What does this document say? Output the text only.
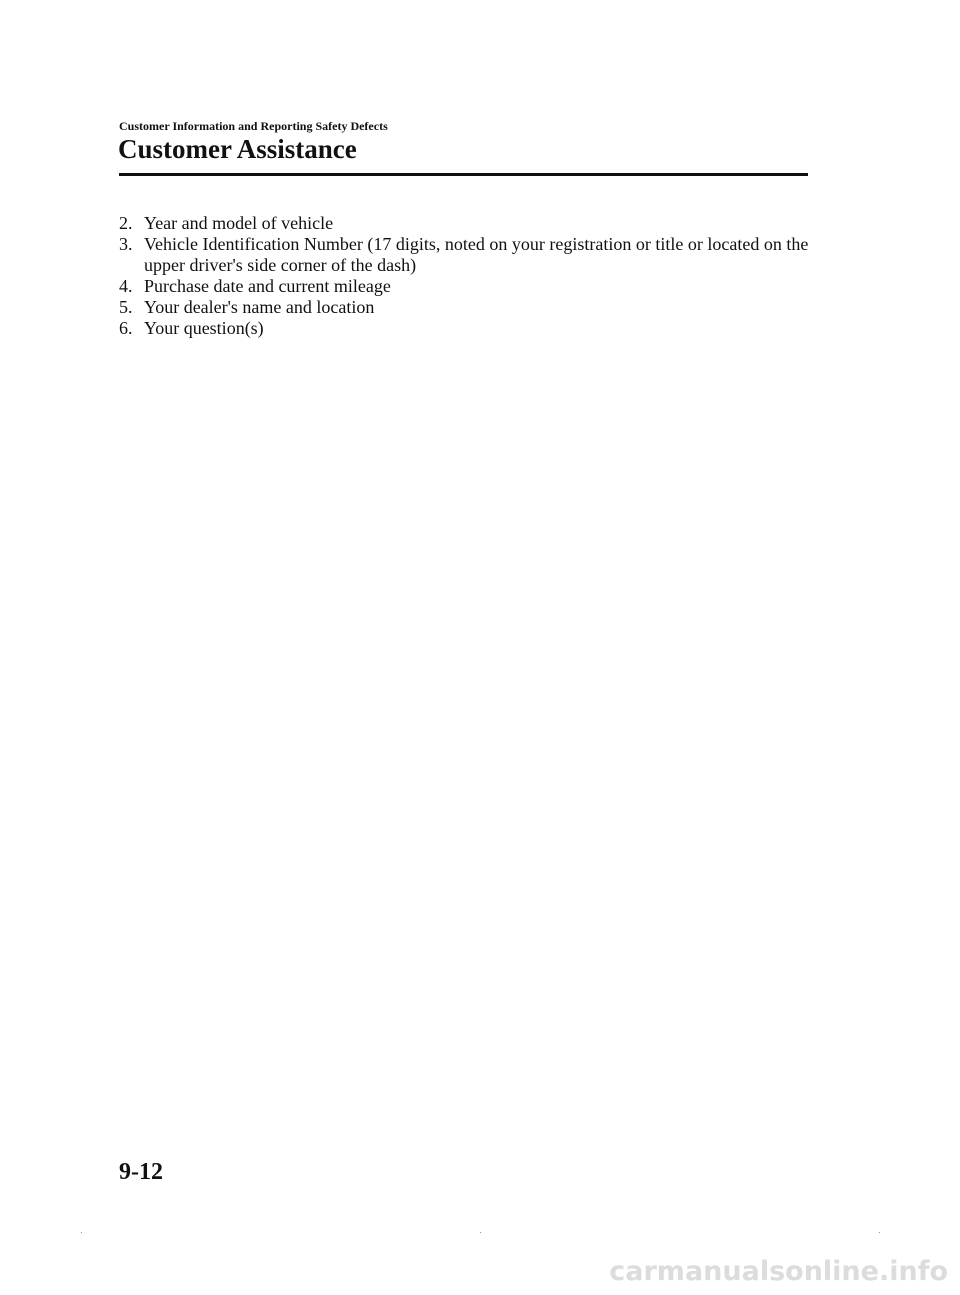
Customer Information and Reporting Safety Defects
Customer Assistance
2. Year and model of vehicle
3. Vehicle Identification Number (17 digits, noted on your registration or title or located on the upper driver's side corner of the dash)
4. Purchase date and current mileage
5. Your dealer's name and location
6. Your question(s)
9-12
carmanualsonline.info
